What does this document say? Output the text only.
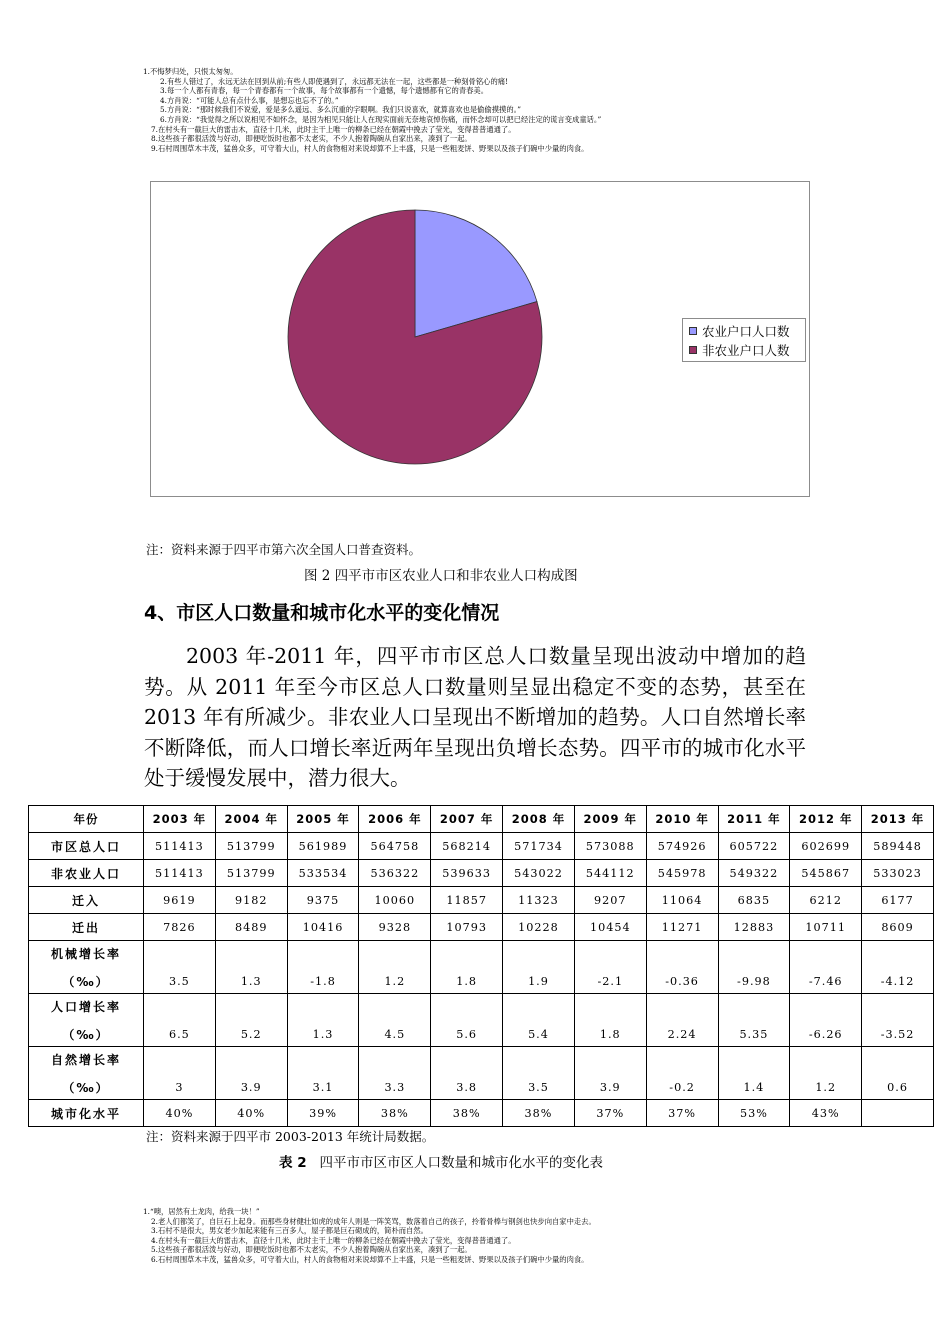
1.不悔梦归处，只恨太匆匆。
2.有些人错过了，永远无法在回到从前;有些人即使遇到了，永远都无法在一起，这些都是一种刻骨铭心的痛!
3.每一个人都有青春，每一个青春都有一个故事，每个故事都有一个遗憾，每个遗憾都有它的青春美。
4.方肖说：“可能人总有点什么事，是想忘也忘不了的。”
5.方肖说：“那时候我们不说爱，爱是多么遥远、多么沉重的字眼啊。我们只说喜欢，就算喜欢也是偷偷摸摸的。”
6.方肖说：“我觉得之所以说相见不如怀念，是因为相见只能让人在现实面前无奈地哀悼伤痛，而怀念却可以把已经注定的谎言变成童话。”
7.在村头有一截巨大的雷击木，直径十几米，此时主干上唯一的柳条已经在朝霞中挽去了莹光，变得普普通通了。
8.这些孩子都很活泼与好动，即便吃饭时也都不太老实，不少人抱着陶碗从自家出来，凑到了一起。
9.石村周围草木丰茂，猛兽众多，可守着大山，村人的食物相对来说却算不上丰盛，只是一些粗麦饼、野果以及孩子们碗中少量的肉食。
农业户口人口数
非农业户口人数
注：资料来源于四平市第六次全国人口普查资料。
图 2 四平市市区农业人口和非农业人口构成图
4、市区人口数量和城市化水平的变化情况
2003 年-2011 年，四平市市区总人口数量呈现出波动中增加的趋势。从 2011 年至今市区总人口数量则呈显出稳定不变的态势，甚至在 2013 年有所减少。非农业人口呈现出不断增加的趋势。人口自然增长率不断降低，而人口增长率近两年呈现出负增长态势。四平市的城市化水平处于缓慢发展中，潜力很大。
年份	2003 年	2004 年	2005 年	2006 年	2007 年	2008 年	2009 年	2010 年	2011 年	2012 年	2013 年
市区总人口	511413	513799	561989	564758	568214	571734	573088	574926	605722	602699	589448
非农业人口	511413	513799	533534	536322	539633	543022	544112	545978	549322	545867	533023
迁入	9619	9182	9375	10060	11857	11323	9207	11064	6835	6212	6177
迁出	7826	8489	10416	9328	10793	10228	10454	11271	12883	10711	8609

机械增长率
（‰）	3.5	1.3	-1.8	1.2	1.8	1.9	-2.1	-0.36	-9.98	-7.46	-4.12

人口增长率
（‰）	6.5	5.2	1.3	4.5	5.6	5.4	1.8	2.24	5.35	-6.26	-3.52

自然增长率
（‰）	3	3.9	3.1	3.3	3.8	3.5	3.9	-0.2	1.4	1.2	0.6
城市化水平	40%	40%	39%	38%	38%	38%	37%	37%	53%	43%	
注：资料来源于四平市 2003-2013 年统计局数据。
表 2   四平市市区市区人口数量和城市化水平的变化表
1.“噢，居然有土龙肉，给我一块！”
2.老人们都笑了，自巨石上起身。而那些身材健壮如虎的成年人则是一阵笑骂，数落着自己的孩子，拎着骨棒与钢剑也快步向自家中走去。
3.石村不是很大，男女老少加起来能有三百多人，屋子都是巨石砌成的，简朴而自然。
4.在村头有一截巨大的雷击木，直径十几米，此时主干上唯一的柳条已经在朝霞中挽去了莹光，变得普普通通了。
5.这些孩子都很活泼与好动，即便吃饭时也都不太老实，不少人抱着陶碗从自家出来，凑到了一起。
6.石村周围草木丰茂，猛兽众多，可守着大山，村人的食物相对来说却算不上丰盛，只是一些粗麦饼、野果以及孩子们碗中少量的肉食。
